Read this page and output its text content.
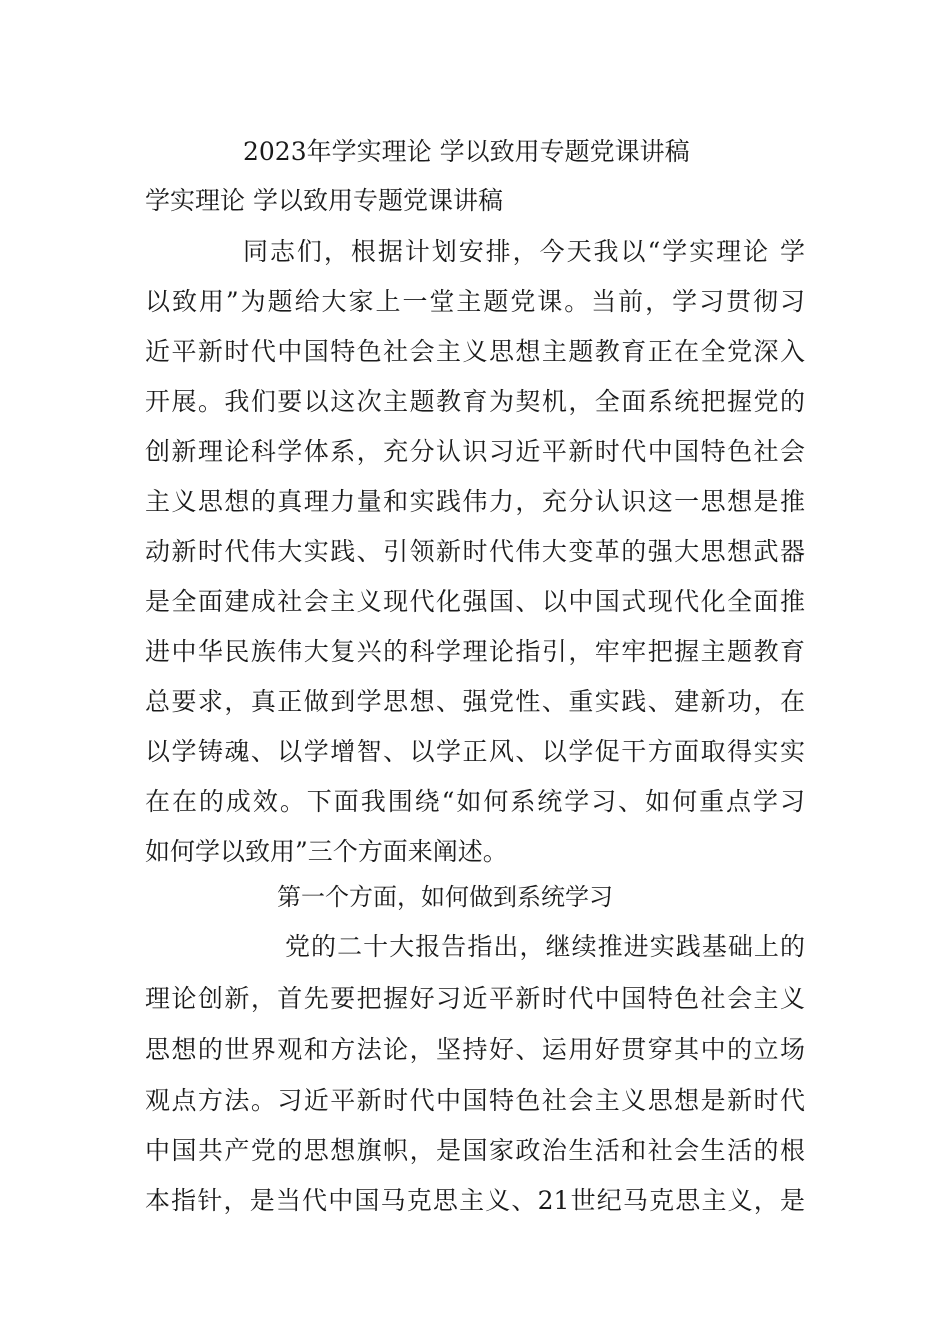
2023年学实理论 学以致用专题党课讲稿
学实理论 学以致用专题党课讲稿
同志们，根据计划安排，今天我以“学实理论 学
以致用”为题给大家上一堂主题党课。当前，学习贯彻习
近平新时代中国特色社会主义思想主题教育正在全党深入
开展。我们要以这次主题教育为契机，全面系统把握党的
创新理论科学体系，充分认识习近平新时代中国特色社会
主义思想的真理力量和实践伟力，充分认识这一思想是推
动新时代伟大实践、引领新时代伟大变革的强大思想武器
是全面建成社会主义现代化强国、以中国式现代化全面推
进中华民族伟大复兴的科学理论指引，牢牢把握主题教育
总要求，真正做到学思想、强党性、重实践、建新功，在
以学铸魂、以学增智、以学正风、以学促干方面取得实实
在在的成效。下面我围绕“如何系统学习、如何重点学习
如何学以致用”三个方面来阐述。
第一个方面，如何做到系统学习
党的二十大报告指出，继续推进实践基础上的
理论创新，首先要把握好习近平新时代中国特色社会主义
思想的世界观和方法论，坚持好、运用好贯穿其中的立场
观点方法。习近平新时代中国特色社会主义思想是新时代
中国共产党的思想旗帜，是国家政治生活和社会生活的根
本指针，是当代中国马克思主义、21世纪马克思主义，是
